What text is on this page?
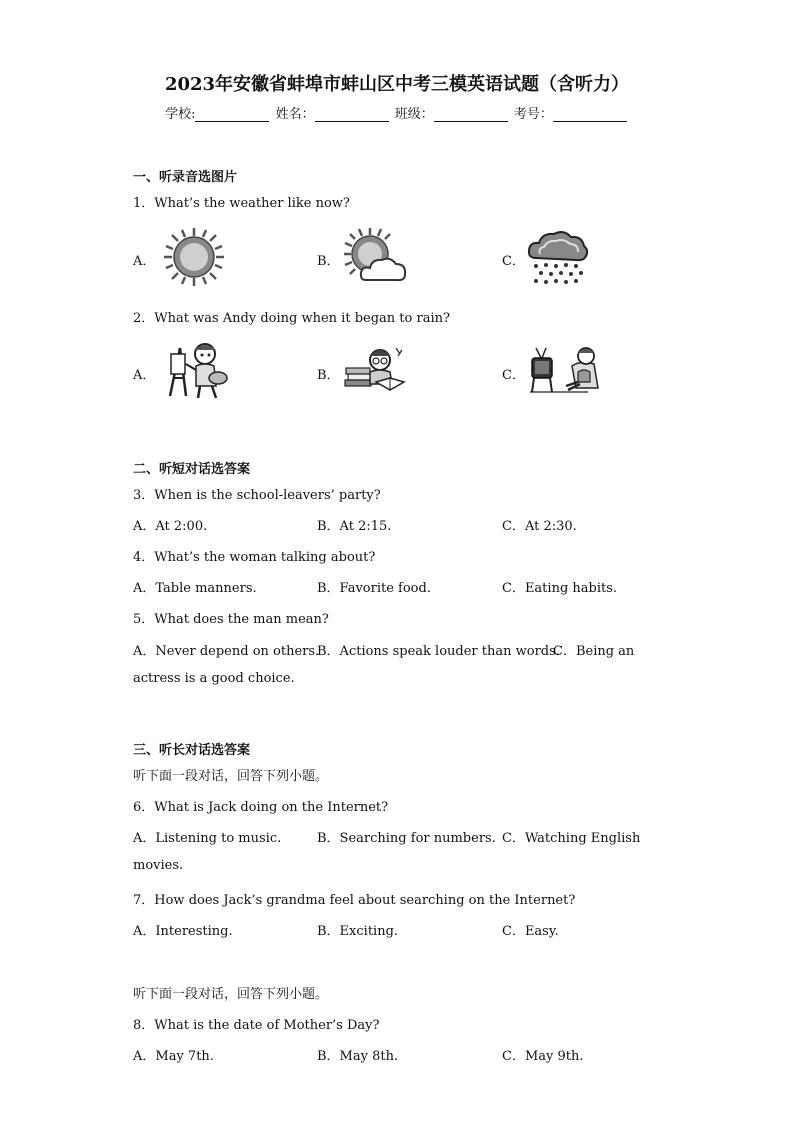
2023年安徽省蚌埠市蚌山区中考三模英语试题（含听力）
学校:	姓名：	班级：	考号：
一、听录音选图片
1．What’s the weather like now?
A．	B．	C．
2．What was Andy doing when it began to rain?
A．	B．	C．
二、听短对话选答案
3．When is the school-leavers’ party?
A．At 2:00.	B．At 2:15.	C．At 2:30.
4．What’s the woman talking about?
A．Table manners.	B．Favorite food.	C．Eating habits.
5．What does the man mean?
A．Never depend on others.
B．Actions speak louder than words.
C．Being an
actress is a good choice.
三、听长对话选答案
听下面一段对话，回答下列小题。
6．What is Jack doing on the Internet?
A．Listening to music.	B．Searching for numbers. C．Watching English
movies.
7．How does Jack’s grandma feel about searching on the Internet?
A．Interesting.	B．Exciting.	C．Easy.
听下面一段对话，回答下列小题。
8．What is the date of Mother’s Day?
A．May 7th.	B．May 8th.	C．May 9th.
